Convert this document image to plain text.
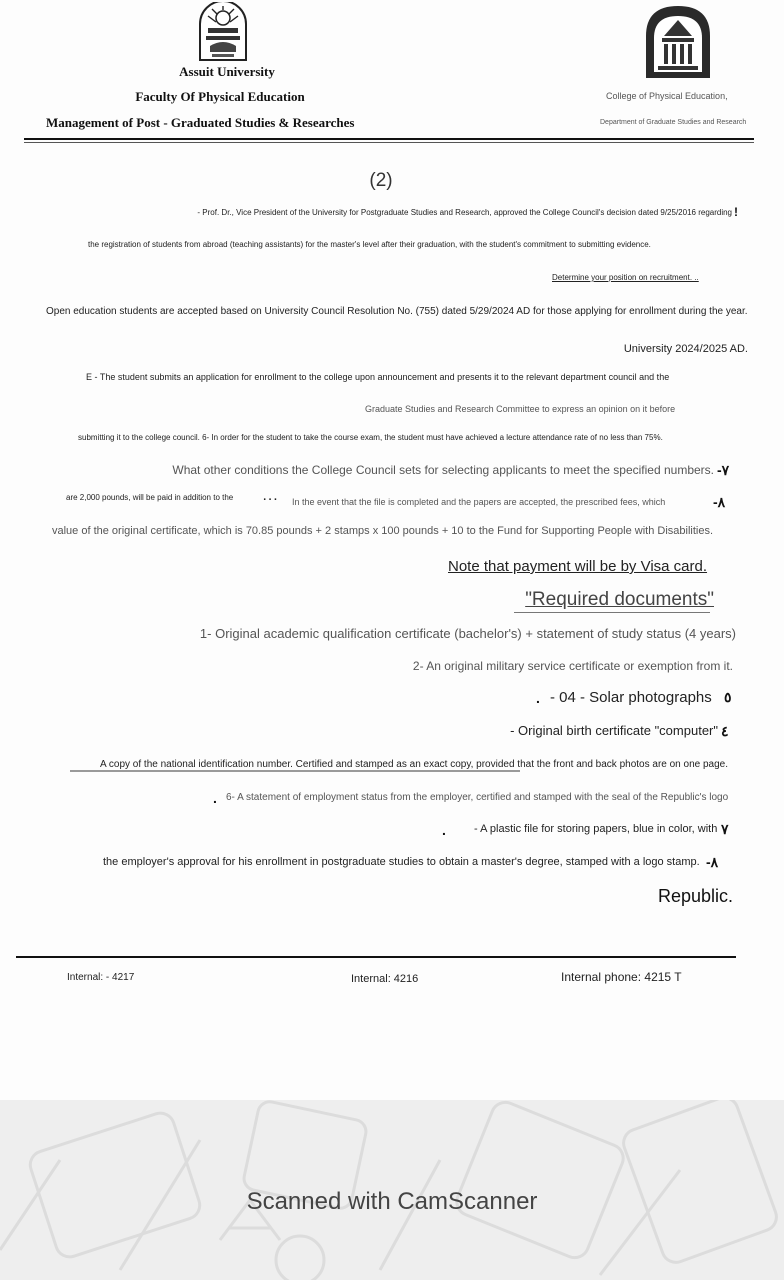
Assuit University
Faculty Of Physical Education
Management of Post - Graduated Studies & Researches
College of Physical Education,
Department of Graduate Studies and Research
(2)
- Prof. Dr., Vice President of the University for Postgraduate Studies and Research, approved the College Council's decision dated 9/25/2016 regarding !
the registration of students from abroad (teaching assistants) for the master's level after their graduation, with the student's commitment to submitting evidence.
Determine your position on recruitment. ..
Open education students are accepted based on University Council Resolution No. (755) dated 5/29/2024 AD for those applying for enrollment during the year.
University 2024/2025 AD.
E - The student submits an application for enrollment to the college upon announcement and presents it to the relevant department council and the
Graduate Studies and Research Committee to express an opinion on it before
submitting it to the college council. 6- In order for the student to take the course exam, the student must have achieved a lecture attendance rate of no less than 75%.
What other conditions the College Council sets for selecting applicants to meet the specified numbers. -٧
are 2,000 pounds, will be paid in addition to the	٠٠٠ In the event that the file is completed and the papers are accepted, the prescribed fees, which	-٨
value of the original certificate, which is 70.85 pounds + 2 stamps x 100 pounds + 10 to the Fund for Supporting People with Disabilities.
Note that payment will be by Visa card.
"Required documents"
1- Original academic qualification certificate (bachelor's) + statement of study status (4 years)
2- An original military service certificate or exemption from it.
. - 04 - Solar photographs ٥
- Original birth certificate "computer" ٤
A copy of the national identification number. Certified and stamped as an exact copy, provided that the front and back photos are on one page.
. 6- A statement of employment status from the employer, certified and stamped with the seal of the Republic's logo
.	- A plastic file for storing papers, blue in color, with ٧
the employer's approval for his enrollment in postgraduate studies to obtain a master's degree, stamped with a logo stamp. -٨
Republic.
Internal: - 4217	Internal: 4216	Internal phone: 4215 T
Scanned with CamScanner
